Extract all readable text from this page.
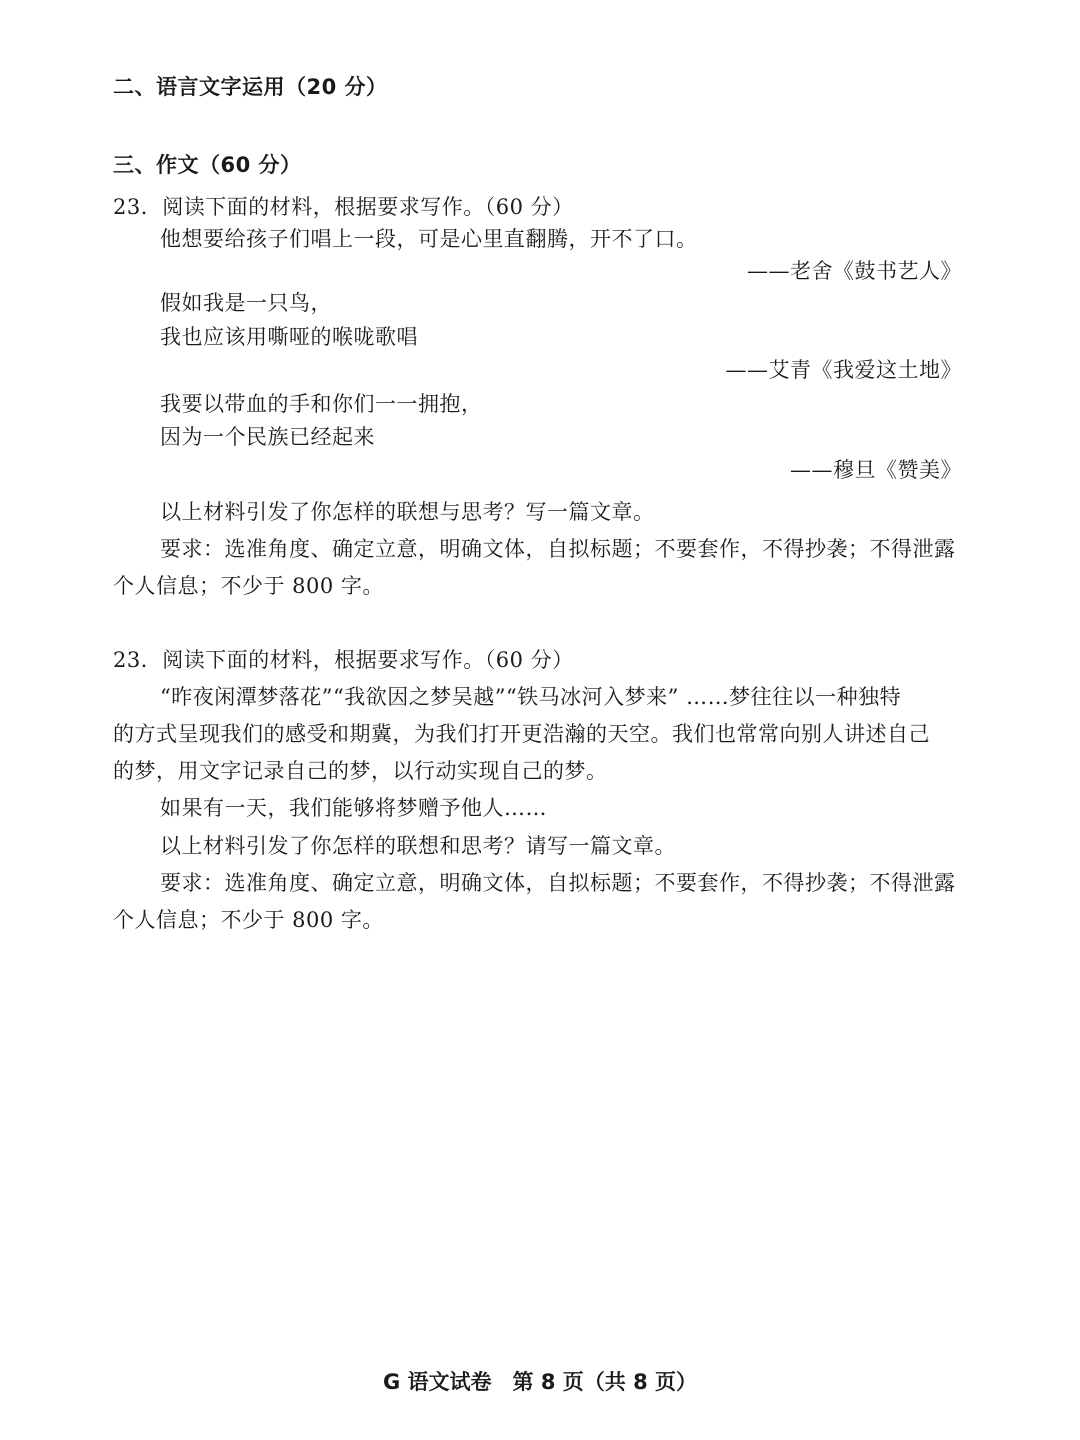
二、语言文字运用（20 分）
三、作文（60 分）
23．阅读下面的材料，根据要求写作。（60 分）
他想要给孩子们唱上一段，可是心里直翻腾，开不了口。
——老舍《鼓书艺人》
假如我是一只鸟，
我也应该用嘶哑的喉咙歌唱
——艾青《我爱这土地》
我要以带血的手和你们一一拥抱，
因为一个民族已经起来
——穆旦《赞美》
以上材料引发了你怎样的联想与思考？写一篇文章。
要求：选准角度、确定立意，明确文体，自拟标题；不要套作，不得抄袭；不得泄露
个人信息；不少于 800 字。
23．阅读下面的材料，根据要求写作。（60 分）
“昨夜闲潭梦落花”“我欲因之梦吴越”“铁马冰河入梦来” ……梦往往以一种独特
的方式呈现我们的感受和期冀，为我们打开更浩瀚的天空。我们也常常向别人讲述自己
的梦，用文字记录自己的梦，以行动实现自己的梦。
如果有一天，我们能够将梦赠予他人……
以上材料引发了你怎样的联想和思考？请写一篇文章。
要求：选准角度、确定立意，明确文体，自拟标题；不要套作，不得抄袭；不得泄露
个人信息；不少于 800 字。
G 语文试卷　第 8 页（共 8 页）
